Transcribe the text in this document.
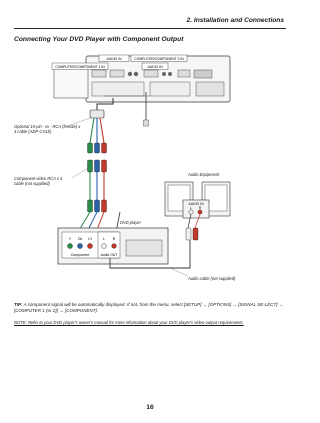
2. Installation and Connections
Connecting Your DVD Player with Component Output
AUDIO IN	COMPUTER/COMPONENT 2 IN
COMPUTER/COMPONENT 1 IN	AUDIO IN
Y Cb Cr	L R
Component	Audio OUT
AUDIO IN
L R
Optional 15-pin - to - RCA (female) x 3 cable (ADP-CV1E)
Component video RCA x 3 cable (not supplied)
Audio Equipment
DVD player
Audio cable (not supplied)
TIP: A component signal will be automatically displayed. If not, from the menu, select [SETUP] → [OPTIONS] → [SIGNAL SE-LECT] → [COMPUTER 1 (or 2)] → [COMPONENT].
NOTE: Refer to your DVD player's owner's manual for more information about your DVD player's video output requirements.
16
